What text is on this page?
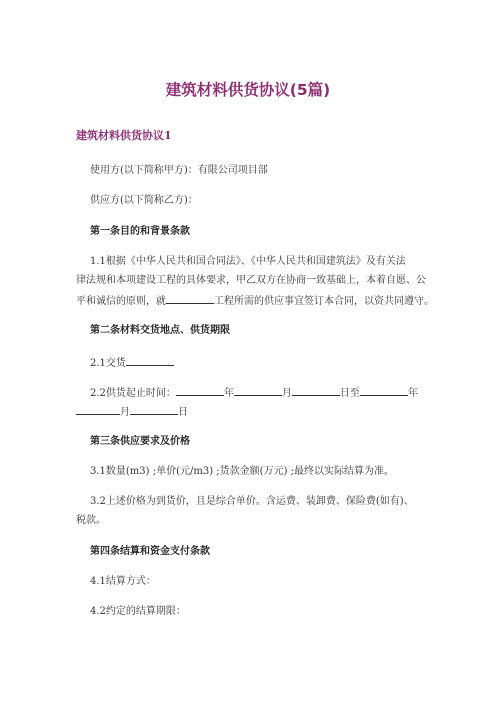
建筑材料供货协议(5篇)
建筑材料供货协议1
使用方(以下简称甲方)：有限公司项目部
供应方(以下简称乙方)：
第一条目的和背景条款
1.1根据《中华人民共和国合同法》、《中华人民共和国建筑法》及有关法
律法规和本项建设工程的具体要求，甲乙双方在协商一致基础上，本着自愿、公
平和诚信的原则，就	工程所需的供应事宜签订本合同，以资共同遵守。
第二条材料交货地点、供货期限
2.1交货
2.2供货起止时间：	年	月	日至	年
月	日
第三条供应要求及价格
3.1数量(m3) ;单价(元/m3) ;货款金额(万元) ;最终以实际结算为准。
3.2上述价格为到货价，且是综合单价。含运费、装卸费、保险费(如有)、
税款。
第四条结算和资金支付条款
4.1结算方式：
4.2约定的结算期限：
